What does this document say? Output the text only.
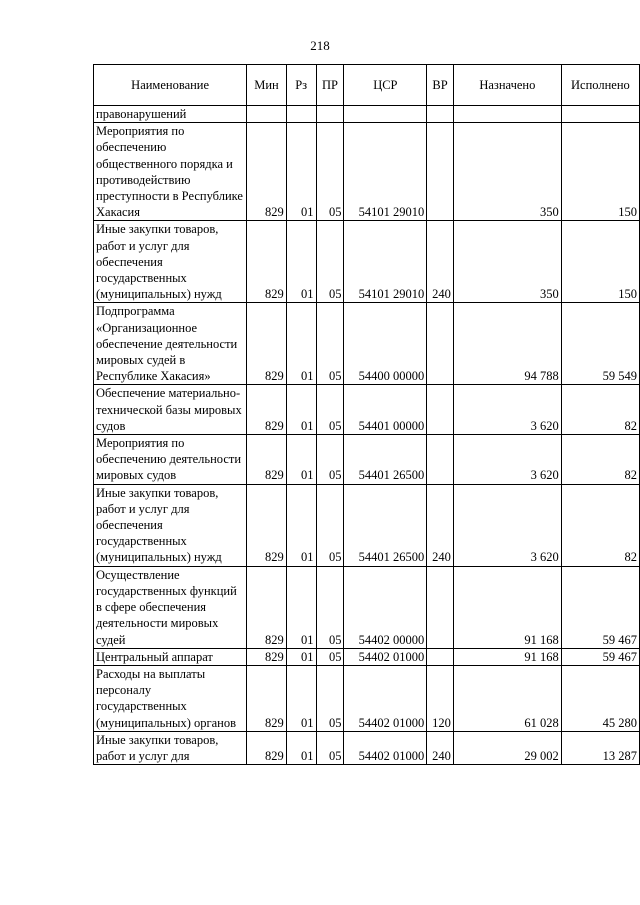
218
Наименование	Мин	Рз	ПР	ЦСР	ВР	Назначено	Исполнено
правонарушений							
Мероприятия по обеспечению общественного порядка и противодействию преступности в Республике Хакасия	829	01	05	54101 29010		350	150
Иные закупки товаров, работ и услуг для обеспечения государственных (муниципальных) нужд	829	01	05	54101 29010	240	350	150
Подпрограмма «Организационное обеспечение деятельности мировых судей в Республике Хакасия»	829	01	05	54400 00000		94 788	59 549
Обеспечение материально-технической базы мировых судов	829	01	05	54401 00000		3 620	82
Мероприятия по обеспечению деятельности мировых судов	829	01	05	54401 26500		3 620	82
Иные закупки товаров, работ и услуг для обеспечения государственных (муниципальных) нужд	829	01	05	54401 26500	240	3 620	82
Осуществление государственных функций в сфере обеспечения деятельности мировых судей	829	01	05	54402 00000		91 168	59 467
Центральный аппарат	829	01	05	54402 01000		91 168	59 467
Расходы на выплаты персоналу государственных (муниципальных) органов	829	01	05	54402 01000	120	61 028	45 280
Иные закупки товаров, работ и услуг для	829	01	05	54402 01000	240	29 002	13 287
